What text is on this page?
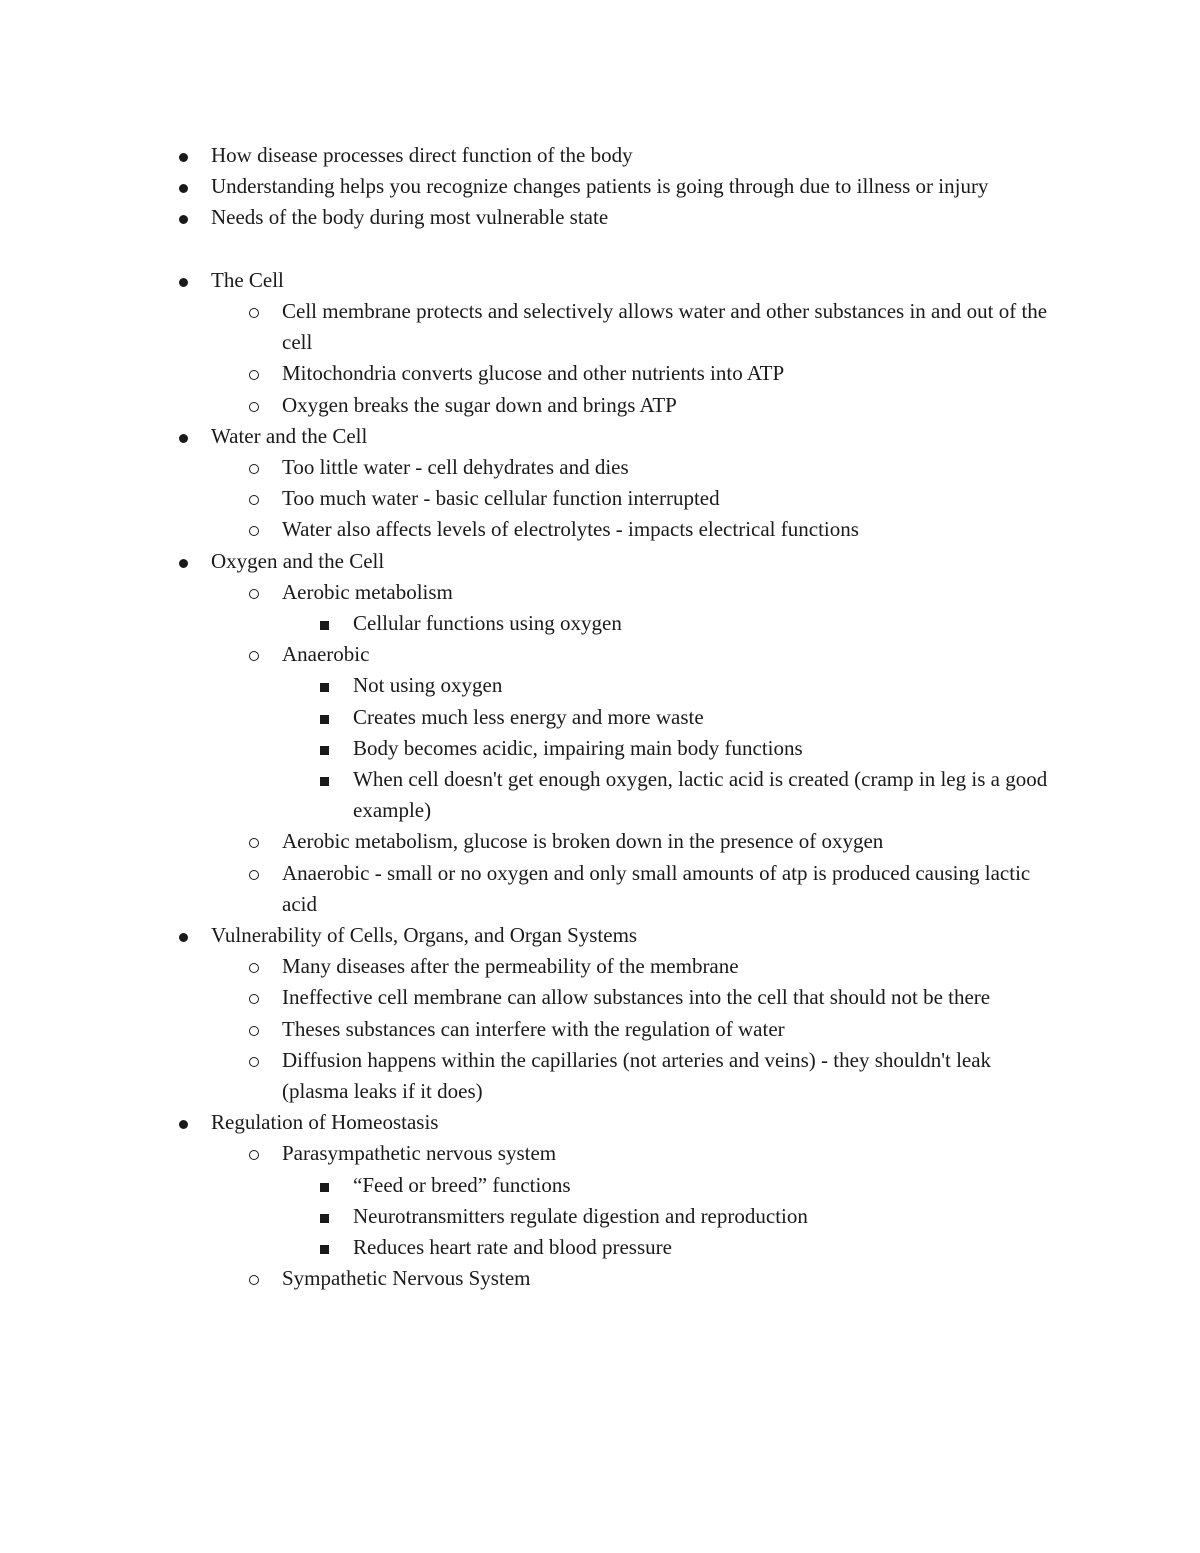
How disease processes direct function of the body
Understanding helps you recognize changes patients is going through due to illness or injury
Needs of the body during most vulnerable state
The Cell
Cell membrane protects and selectively allows water and other substances in and out of the cell
Mitochondria converts glucose and other nutrients into ATP
Oxygen breaks the sugar down and brings ATP
Water and the Cell
Too little water - cell dehydrates and dies
Too much water - basic cellular function interrupted
Water also affects levels of electrolytes - impacts electrical functions
Oxygen and the Cell
Aerobic metabolism
Cellular functions using oxygen
Anaerobic
Not using oxygen
Creates much less energy and more waste
Body becomes acidic, impairing main body functions
When cell doesn't get enough oxygen, lactic acid is created (cramp in leg is a good example)
Aerobic metabolism, glucose is broken down in the presence of oxygen
Anaerobic - small or no oxygen and only small amounts of atp is produced causing lactic acid
Vulnerability of Cells, Organs, and Organ Systems
Many diseases after the permeability of the membrane
Ineffective cell membrane can allow substances into the cell that should not be there
Theses substances can interfere with the regulation of water
Diffusion happens within the capillaries (not arteries and veins) - they shouldn't leak (plasma leaks if it does)
Regulation of Homeostasis
Parasympathetic nervous system
“Feed or breed” functions
Neurotransmitters regulate digestion and reproduction
Reduces heart rate and blood pressure
Sympathetic Nervous System
